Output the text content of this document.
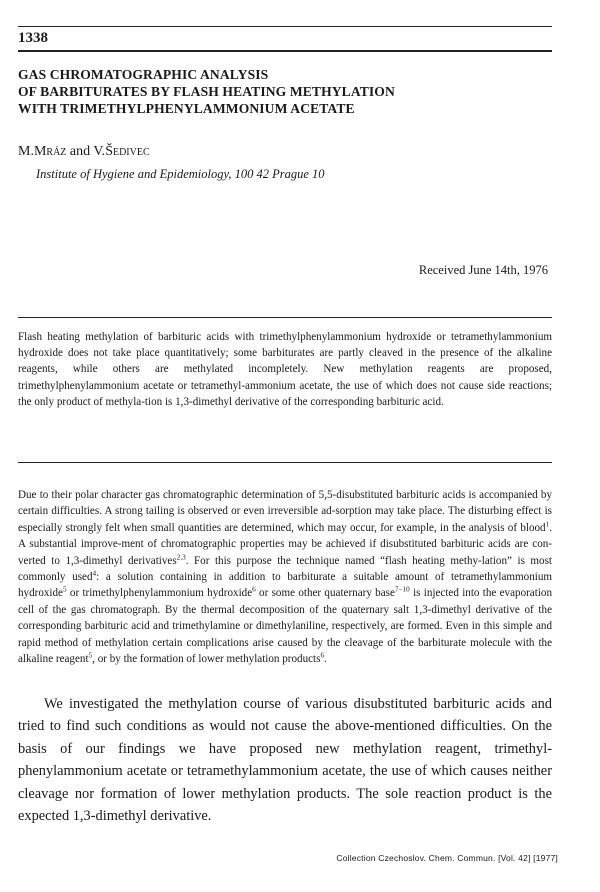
1338
GAS CHROMATOGRAPHIC ANALYSIS
OF BARBITURATES BY FLASH HEATING METHYLATION
WITH TRIMETHYLPHENYLAMMONIUM ACETATE
M.Mráz and V.Šedivec
Institute of Hygiene and Epidemiology, 100 42 Prague 10
Received June 14th, 1976

Flash heating methylation of barbituric acids with trimethylphenylammonium hydroxide or tetramethylammonium hydroxide does not take place quantitatively; some barbiturates are partly cleaved in the presence of the alkaline reagents, while others are methylated incompletely. New methylation reagents are proposed, trimethylphenylammonium acetate or tetramethyl-ammonium acetate, the use of which does not cause side reactions; the only product of methyla-tion is 1,3-dimethyl derivative of the corresponding barbituric acid.

Due to their polar character gas chromatographic determination of 5,5-disubstituted barbituric acids is accompanied by certain difficulties. A strong tailing is observed or even irreversible ad-sorption may take place. The disturbing effect is especially strongly felt when small quantities are determined, which may occur, for example, in the analysis of blood$^1$. A substantial improve-ment of chromatographic properties may be achieved if disubstituted barbituric acids are con-verted to 1,3-dimethyl derivatives$^{2,3}$. For this purpose the technique named “flash heating methy-lation” is most commonly used$^4$: a solution containing in addition to barbiturate a suitable amount of tetramethylammonium hydroxide$^5$ or trimethylphenylammonium hydroxide$^6$ or some other quaternary base$^{7-10}$ is injected into the evaporation cell of the gas chromatograph. By the thermal decomposition of the quaternary salt 1,3-dimethyl derivative of the corresponding barbituric acid and trimethylamine or dimethylaniline, respectively, are formed. Even in this simple and rapid method of methylation certain complications arise caused by the cleavage of the barbiturate molecule with the alkaline reagent$^5$, or by the formation of lower methylation products$^6$.

We investigated the methylation course of various disubstituted barbituric acids and tried to find such conditions as would not cause the above-mentioned difficulties. On the basis of our findings we have proposed new methylation reagent, trimethyl-phenylammonium acetate or tetramethylammonium acetate, the use of which causes neither cleavage nor formation of lower methylation products. The sole reaction product is the expected 1,3-dimethyl derivative.

Collection Czechoslov. Chem. Commun. [Vol. 42] [1977]
